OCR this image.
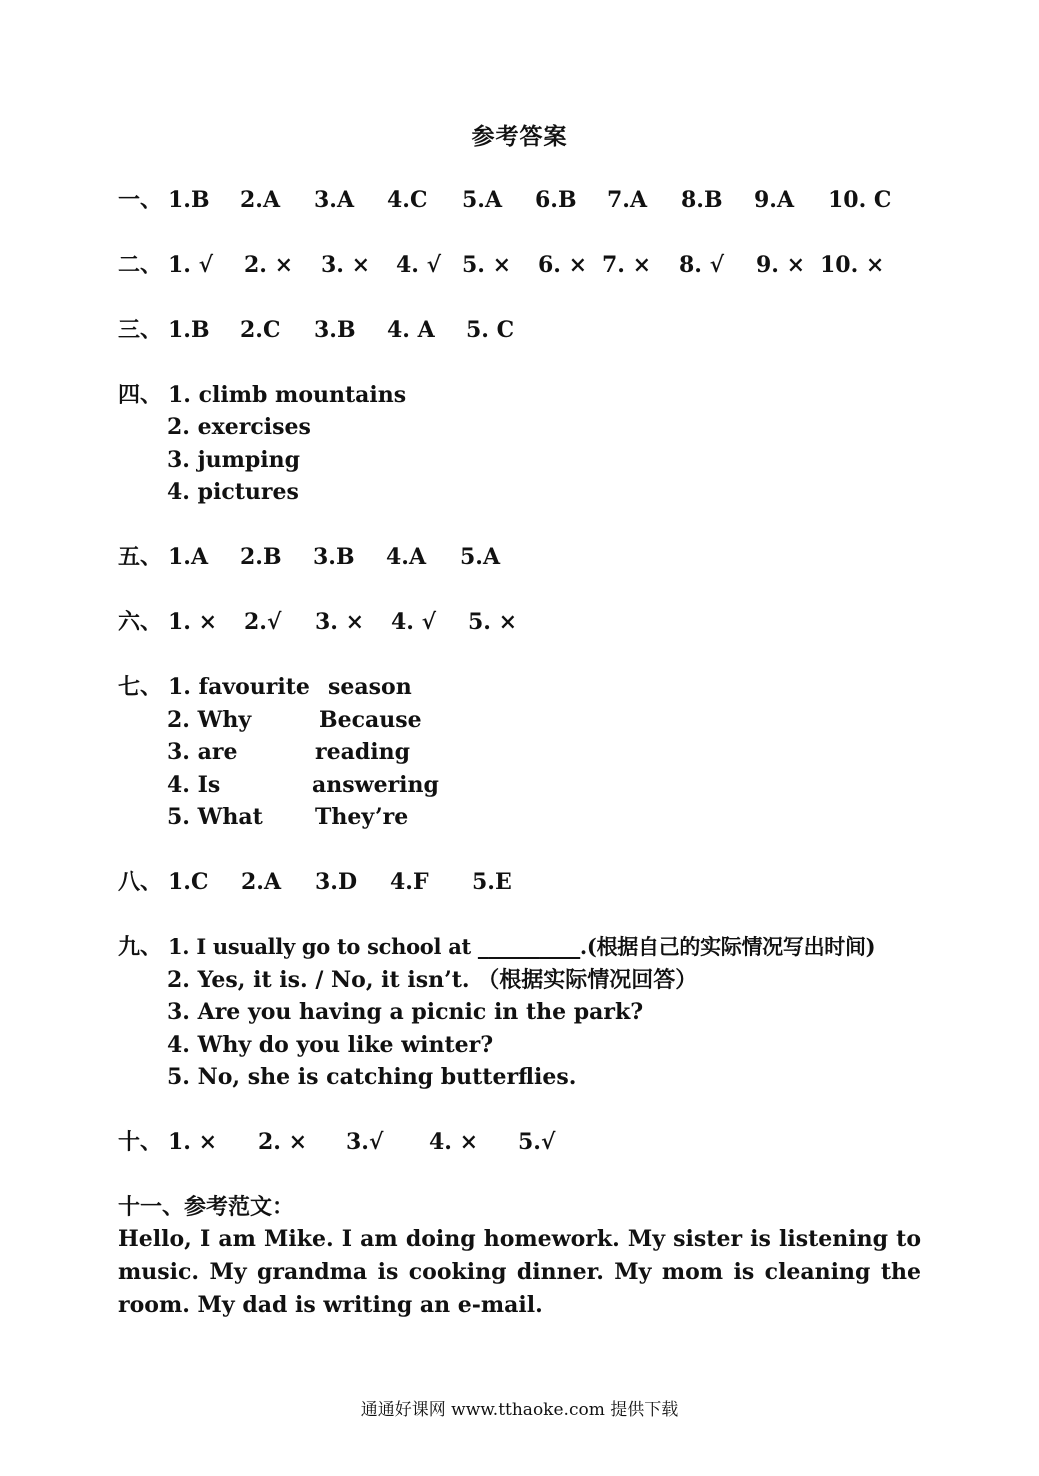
参考答案
一、 1.B 2.A 3.A 4.C 5.A 6.B 7.A 8.B 9.A 10. C
二、 1. √ 2. × 3. × 4. √ 5. × 6. × 7. × 8. √ 9. × 10. ×
三、 1.B 2.C 3.B 4. A 5. C
四、 1. climb mountains
2. exercises
3. jumping
4. pictures
五、 1.A 2.B 3.B 4.A 5.A
六、 1. × 2.√ 3. × 4. √ 5. ×
七、 1. favourite season
2. Why	Because
3. are	reading
4. Is	answering
5. What They’re
八、 1.C 2.A 3.D 4.F 5.E
九、 1. I usually go to school at __________.(根据自己的实际情况写出时间)
2. Yes, it is. / No, it isn’t. （根据实际情况回答）
3. Are you having a picnic in the park?
4. Why do you like winter?
5. No, she is catching butterflies.
十、 1. × 2. × 3.√ 4. × 5.√
十一、参考范文：
Hello, I am Mike. I am doing homework. My sister is listening to music. My grandma is cooking dinner. My mom is cleaning the room. My dad is writing an e-mail.
通通好课网 www.tthaoke.com 提供下载
